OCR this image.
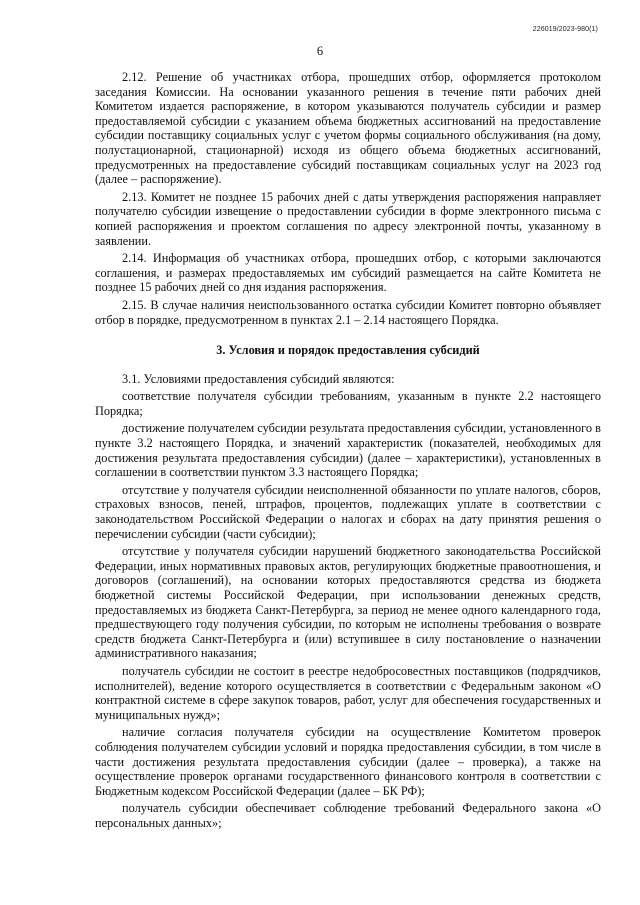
226019/2023-980(1)
6

2.12. Решение об участниках отбора, прошедших отбор, оформляется протоколом заседания Комиссии. На основании указанного решения в течение пяти рабочих дней Комитетом издается распоряжение, в котором указываются получатель субсидии и размер предоставляемой субсидии с указанием объема бюджетных ассигнований на предоставление субсидии поставщику социальных услуг с учетом формы социального обслуживания (на дому, полустационарной, стационарной) исходя из общего объема бюджетных ассигнований, предусмотренных на предоставление субсидий поставщикам социальных услуг на 2023 год (далее – распоряжение).

2.13. Комитет не позднее 15 рабочих дней с даты утверждения распоряжения направляет получателю субсидии извещение о предоставлении субсидии в форме электронного письма с копией распоряжения и проектом соглашения по адресу электронной почты, указанному в заявлении.

2.14. Информация об участниках отбора, прошедших отбор, с которыми заключаются соглашения, и размерах предоставляемых им субсидий размещается на сайте Комитета не позднее 15 рабочих дней со дня издания распоряжения.

2.15. В случае наличия неиспользованного остатка субсидии Комитет повторно объявляет отбор в порядке, предусмотренном в пунктах 2.1 – 2.14 настоящего Порядка.

3. Условия и порядок предоставления субсидий

3.1. Условиями предоставления субсидий являются:

соответствие получателя субсидии требованиям, указанным в пункте 2.2 настоящего Порядка;

достижение получателем субсидии результата предоставления субсидии, установленного в пункте 3.2 настоящего Порядка, и значений характеристик (показателей, необходимых для достижения результата предоставления субсидии) (далее – характеристики), установленных в соглашении в соответствии пунктом 3.3 настоящего Порядка;

отсутствие у получателя субсидии неисполненной обязанности по уплате налогов, сборов, страховых взносов, пеней, штрафов, процентов, подлежащих уплате в соответствии с законодательством Российской Федерации о налогах и сборах на дату принятия решения о перечислении субсидии (части субсидии);

отсутствие у получателя субсидии нарушений бюджетного законодательства Российской Федерации, иных нормативных правовых актов, регулирующих бюджетные правоотношения, и договоров (соглашений), на основании которых предоставляются средства из бюджета бюджетной системы Российской Федерации, при использовании денежных средств, предоставляемых из бюджета Санкт-Петербурга, за период не менее одного календарного года, предшествующего году получения субсидии, по которым не исполнены требования о возврате средств бюджета Санкт-Петербурга и (или) вступившее в силу постановление о назначении административного наказания;

получатель субсидии не состоит в реестре недобросовестных поставщиков (подрядчиков, исполнителей), ведение которого осуществляется в соответствии с Федеральным законом «О контрактной системе в сфере закупок товаров, работ, услуг для обеспечения государственных и муниципальных нужд»;

наличие согласия получателя субсидии на осуществление Комитетом проверок соблюдения получателем субсидии условий и порядка предоставления субсидии, в том числе в части достижения результата предоставления субсидии (далее – проверка), а также на осуществление проверок органами государственного финансового контроля в соответствии с Бюджетным кодексом Российской Федерации (далее – БК РФ);

получатель субсидии обеспечивает соблюдение требований Федерального закона «О персональных данных»;
